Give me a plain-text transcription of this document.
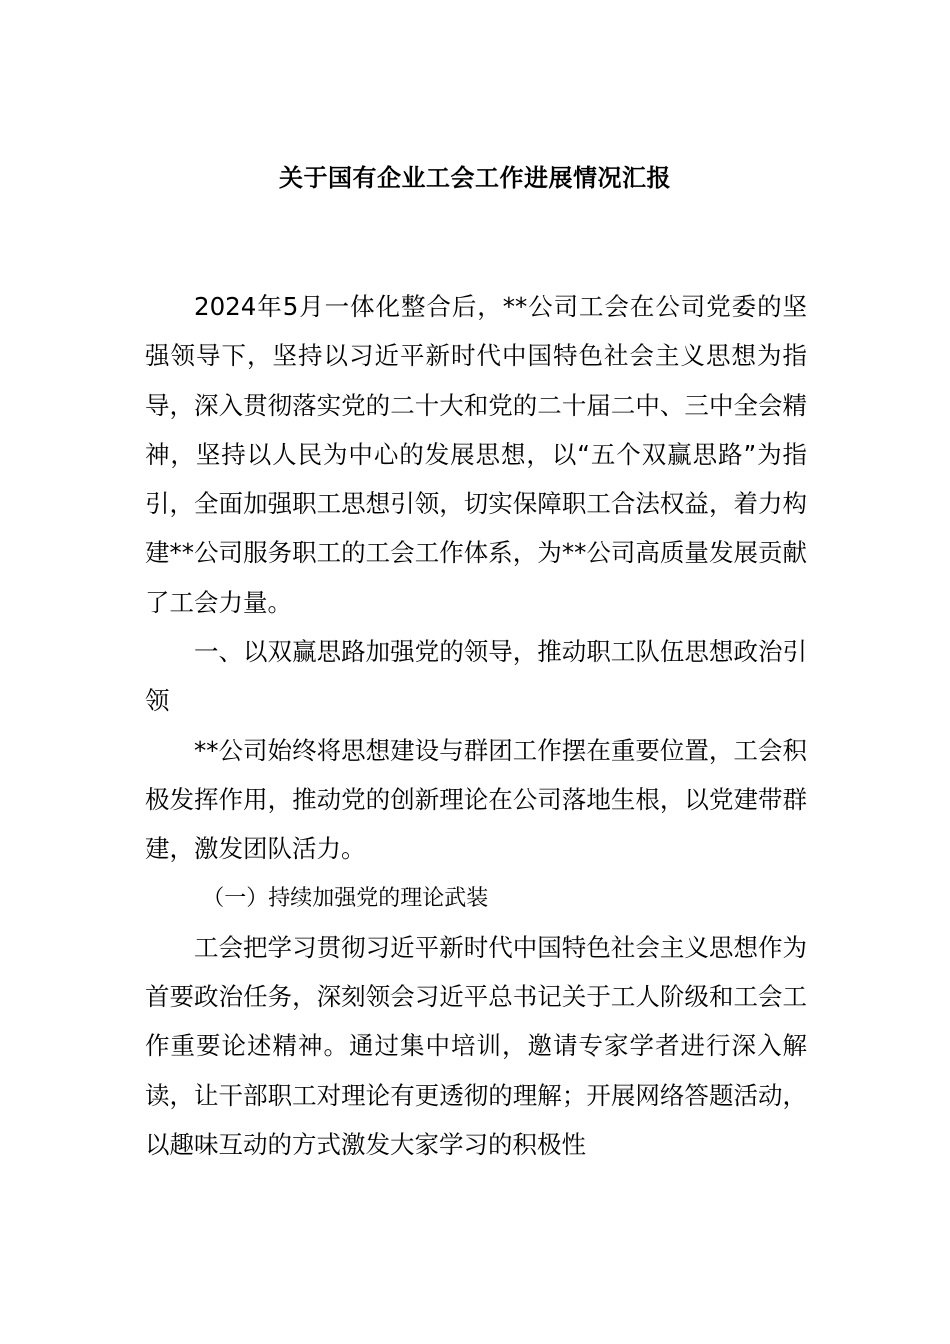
关于国有企业工会工作进展情况汇报

2024年5月一体化整合后，**公司工会在公司党委的坚强领导下，坚持以习近平新时代中国特色社会主义思想为指导，深入贯彻落实党的二十大和党的二十届二中、三中全会精神，坚持以人民为中心的发展思想，以“五个双赢思路”为指引，全面加强职工思想引领，切实保障职工合法权益，着力构建**公司服务职工的工会工作体系，为**公司高质量发展贡献了工会力量。

一、以双赢思路加强党的领导，推动职工队伍思想政治引领

**公司始终将思想建设与群团工作摆在重要位置，工会积极发挥作用，推动党的创新理论在公司落地生根，以党建带群建，激发团队活力。

（一）持续加强党的理论武装

工会把学习贯彻习近平新时代中国特色社会主义思想作为首要政治任务，深刻领会习近平总书记关于工人阶级和工会工作重要论述精神。通过集中培训，邀请专家学者进行深入解读，让干部职工对理论有更透彻的理解；开展网络答题活动，以趣味互动的方式激发大家学习的积极性
